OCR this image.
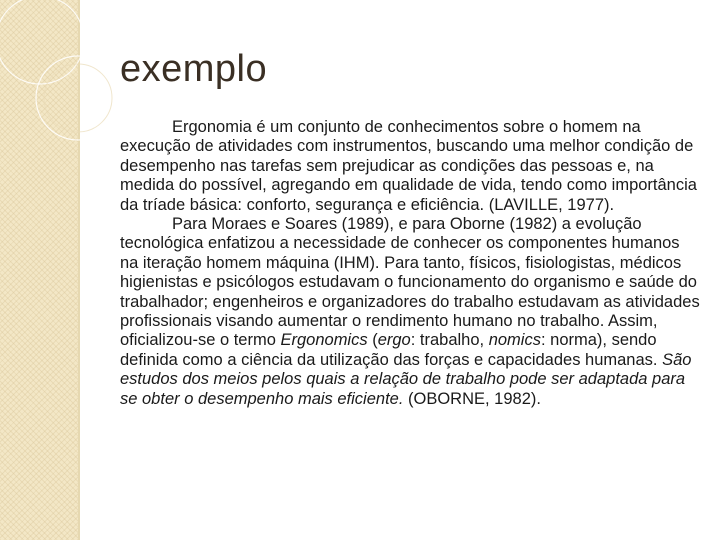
exemplo

Ergonomia é um conjunto de conhecimentos sobre o homem na execução de atividades com instrumentos, buscando uma melhor condição de desempenho nas tarefas sem prejudicar as condições das pessoas e, na medida do possível, agregando em qualidade de vida, tendo como importância da tríade básica: conforto, segurança e eficiência. (LAVILLE, 1977).

Para Moraes e Soares (1989), e para Oborne (1982) a evolução tecnológica enfatizou a necessidade de conhecer os componentes humanos na iteração homem máquina (IHM). Para tanto, físicos, fisiologistas, médicos higienistas e psicólogos estudavam o funcionamento do organismo e saúde do trabalhador; engenheiros e organizadores do trabalho estudavam as atividades profissionais visando aumentar o rendimento humano no trabalho. Assim, oficializou-se o termo Ergonomics (ergo: trabalho, nomics: norma), sendo definida como a ciência da utilização das forças e capacidades humanas. São estudos dos meios pelos quais a relação de trabalho pode ser adaptada para se obter o desempenho mais eficiente. (OBORNE, 1982).
